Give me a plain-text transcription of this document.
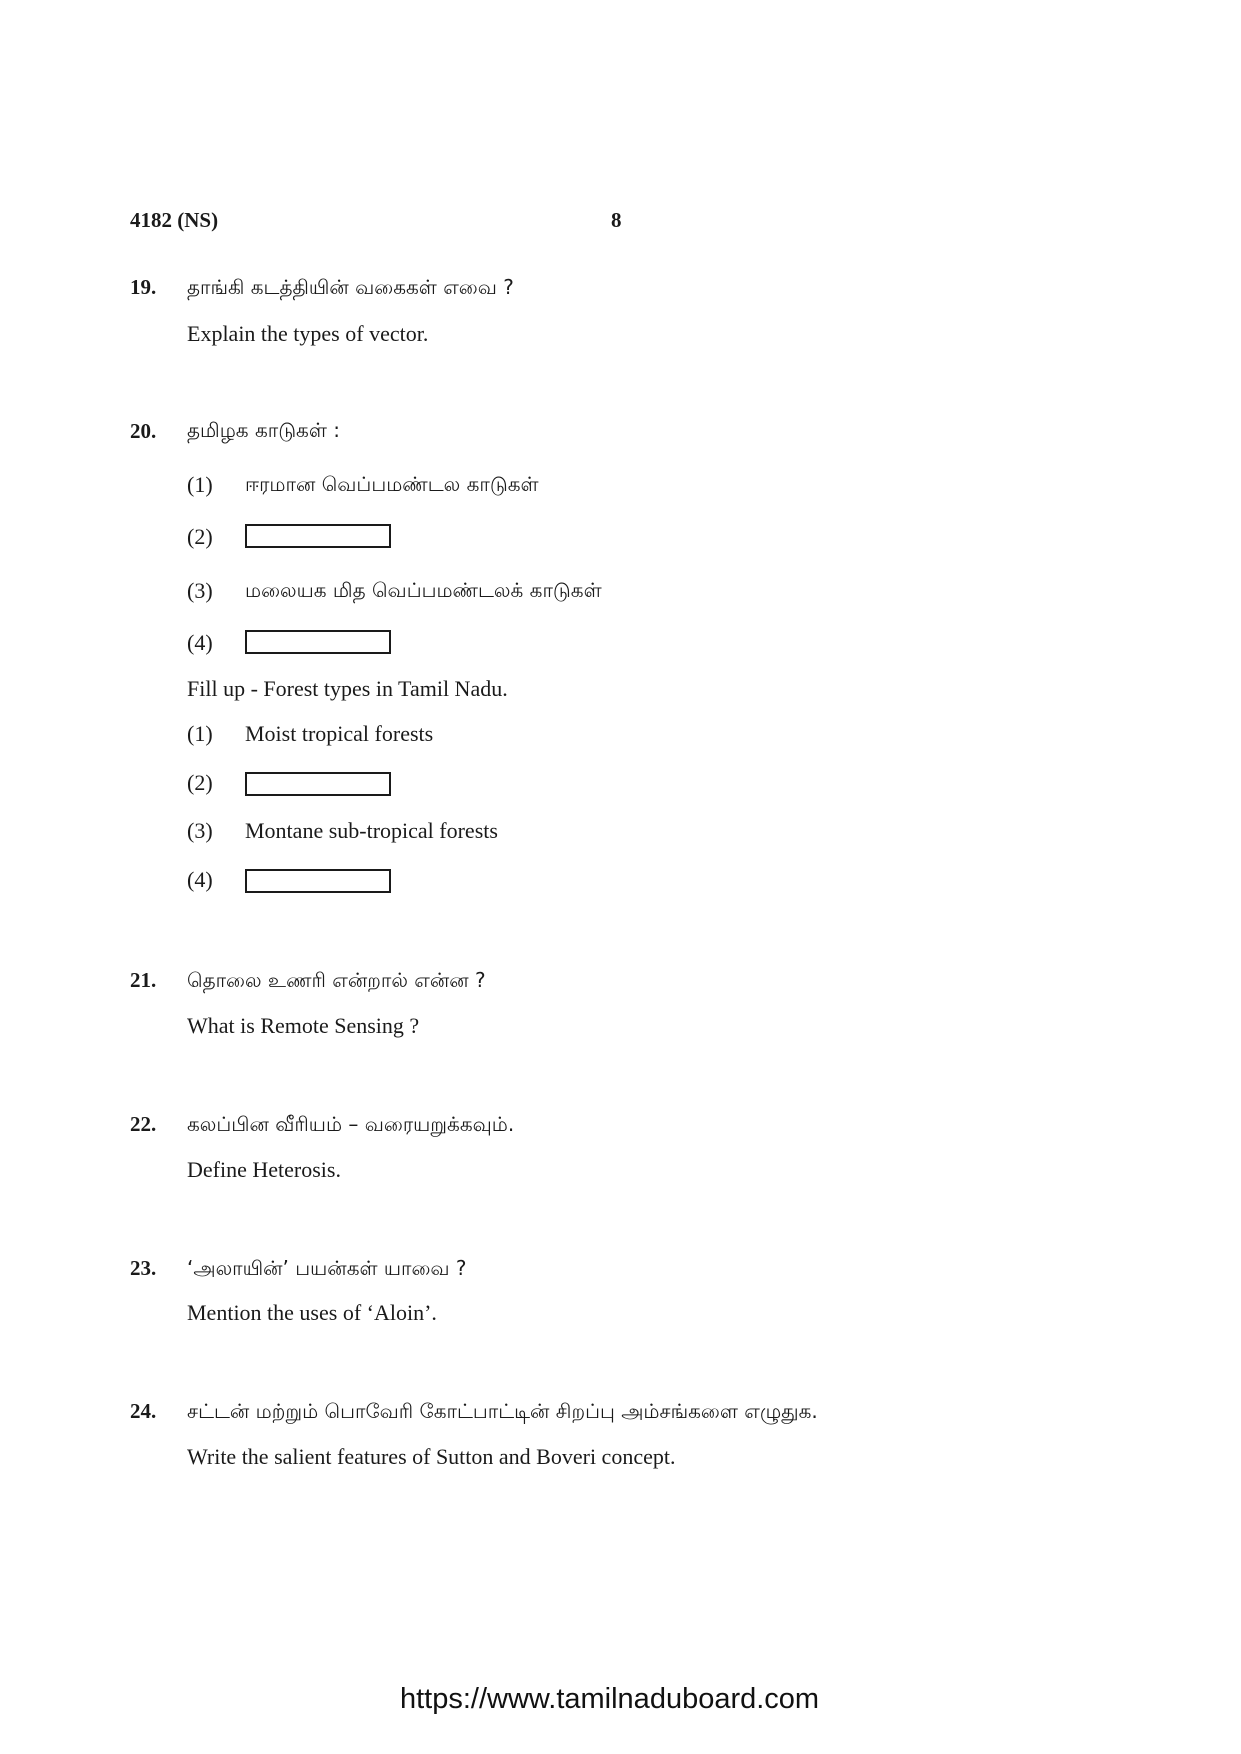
4182 (NS)	8
19. தாங்கி கடத்தியின் வகைகள் எவை ?
Explain the types of vector.
20. தமிழக காடுகள் :
(1) ஈரமான வெப்பமண்டல காடுகள்
(2)
(3) மலையக மித வெப்பமண்டலக் காடுகள்
(4)
Fill up - Forest types in Tamil Nadu.
(1) Moist tropical forests
(2)
(3) Montane sub-tropical forests
(4)
21. தொலை உணரி என்றால் என்ன ?
What is Remote Sensing ?
22. கலப்பின வீரியம் – வரையறுக்கவும்.
Define Heterosis.
23. ‘அலாயின்’ பயன்கள் யாவை ?
Mention the uses of ‘Aloin’.
24. சட்டன் மற்றும் பொவேரி கோட்பாட்டின் சிறப்பு அம்சங்களை எழுதுக.
Write the salient features of Sutton and Boveri concept.
https://www.tamilnaduboard.com
